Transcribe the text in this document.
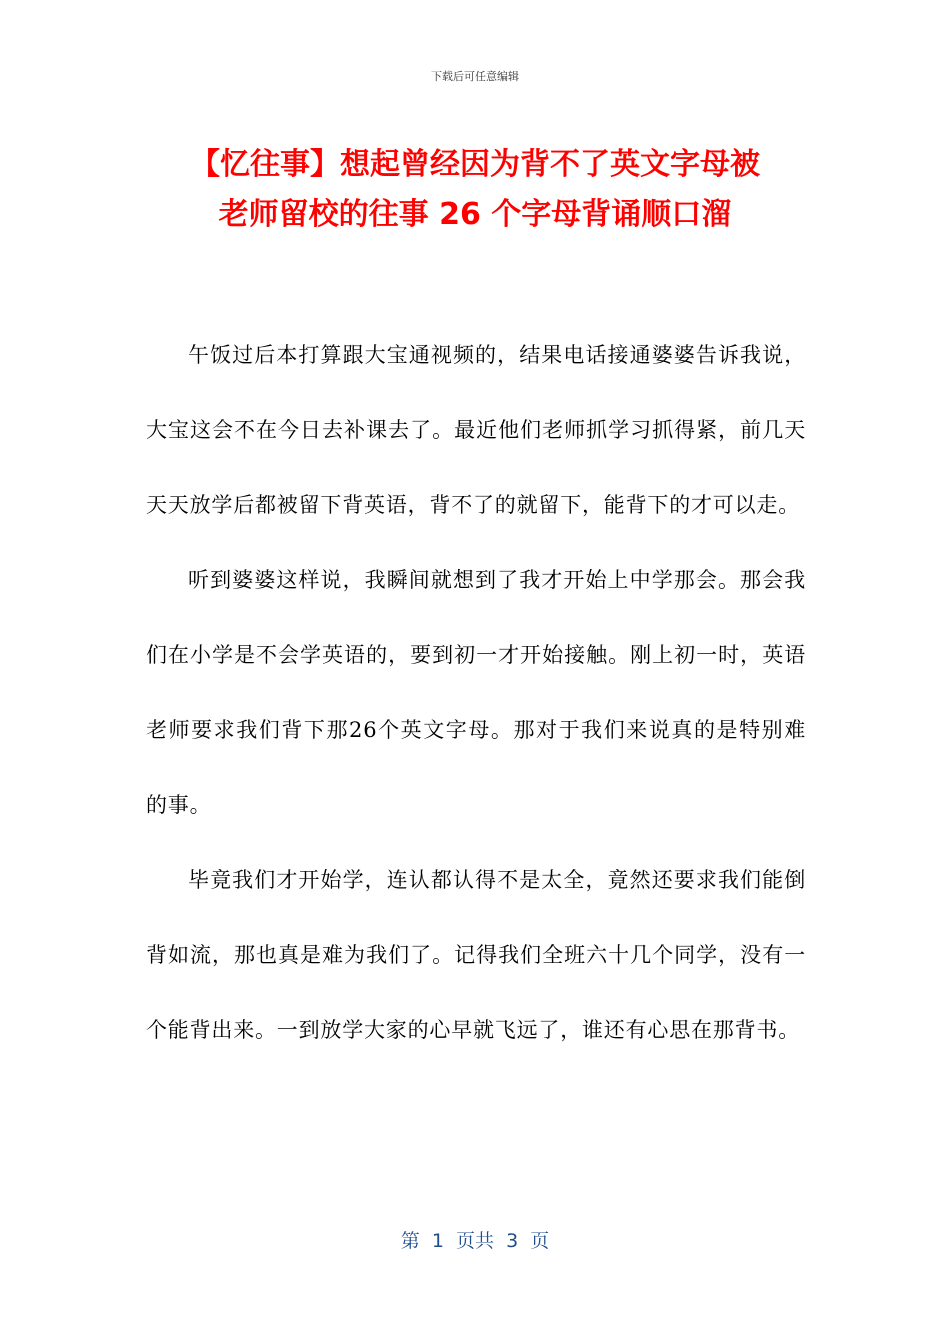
下载后可任意编辑
【忆往事】想起曾经因为背不了英文字母被
老师留校的往事 26 个字母背诵顺口溜

午饭过后本打算跟大宝通视频的，结果电话接通婆婆告诉我说，大宝这会不在今日去补课去了。最近他们老师抓学习抓得紧，前几天天天放学后都被留下背英语，背不了的就留下，能背下的才可以走。

听到婆婆这样说，我瞬间就想到了我才开始上中学那会。那会我们在小学是不会学英语的，要到初一才开始接触。刚上初一时，英语老师要求我们背下那26个英文字母。那对于我们来说真的是特别难的事。

毕竟我们才开始学，连认都认得不是太全，竟然还要求我们能倒背如流，那也真是难为我们了。记得我们全班六十几个同学，没有一个能背出来。一到放学大家的心早就飞远了，谁还有心思在那背书。

第  1  页共  3  页
